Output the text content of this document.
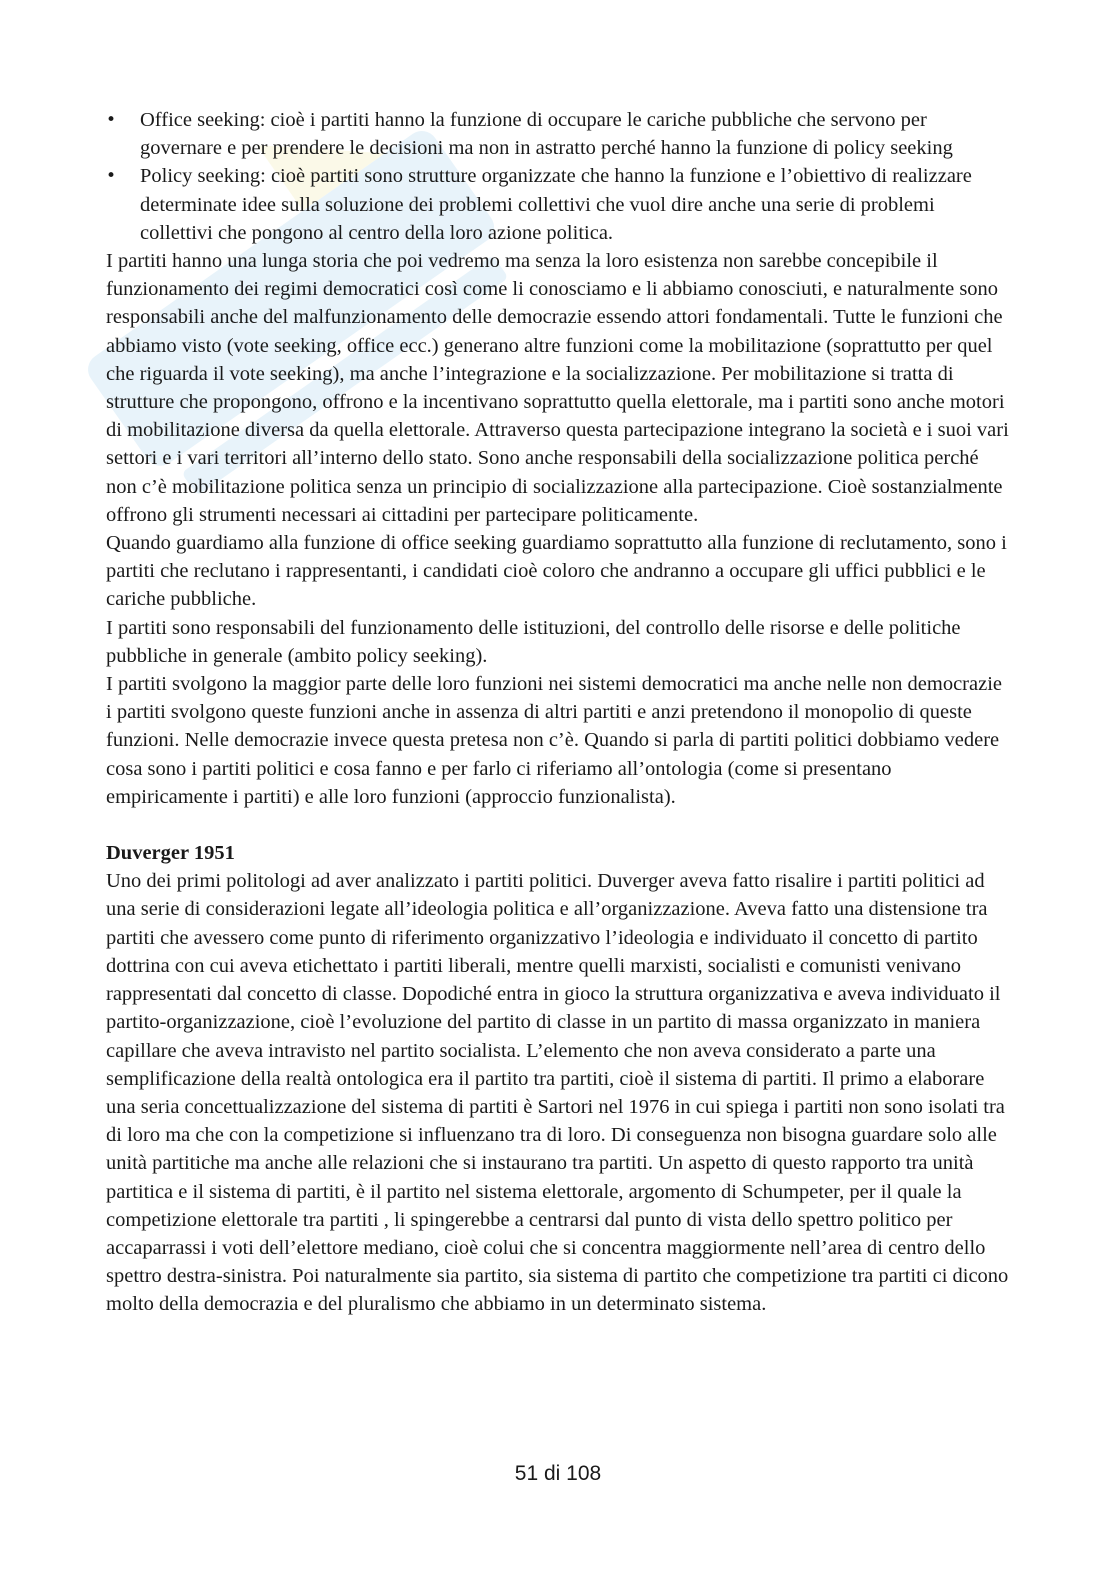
•	Office seeking: cioè i partiti hanno la funzione di occupare le cariche pubbliche che servono per governare e per prendere le decisioni ma non in astratto perché hanno la funzione di policy seeking
•	Policy seeking: cioè partiti sono strutture organizzate che hanno la funzione e l’obiettivo di realizzare determinate idee sulla soluzione dei problemi collettivi che vuol dire anche una serie di problemi collettivi che pongono al centro della loro azione politica.

I partiti hanno una lunga storia che poi vedremo ma senza la loro esistenza non sarebbe concepibile il funzionamento dei regimi democratici così come li conosciamo e li abbiamo conosciuti, e naturalmente sono responsabili anche del malfunzionamento delle democrazie essendo attori fondamentali. Tutte le funzioni che abbiamo visto (vote seeking, office ecc.) generano altre funzioni come la mobilitazione (soprattutto per quel che riguarda il vote seeking), ma anche l’integrazione e la socializzazione. Per mobilitazione si tratta di strutture che propongono, offrono e la incentivano soprattutto quella elettorale, ma i partiti sono anche motori di mobilitazione diversa da quella elettorale. Attraverso questa partecipazione integrano la società e i suoi vari settori e i vari territori all’interno dello stato. Sono anche responsabili della socializzazione politica perché non c’è mobilitazione politica senza un principio di socializzazione alla partecipazione. Cioè sostanzialmente offrono gli strumenti necessari ai cittadini per partecipare politicamente.

Quando guardiamo alla funzione di office seeking guardiamo soprattutto alla funzione di reclutamento, sono i partiti che reclutano i rappresentanti, i candidati cioè coloro che andranno a occupare gli uffici pubblici e le cariche pubbliche.

I partiti sono responsabili del funzionamento delle istituzioni, del controllo delle risorse e delle politiche pubbliche in generale (ambito policy seeking).

I partiti svolgono la maggior parte delle loro funzioni nei sistemi democratici ma anche nelle non democrazie i partiti svolgono queste funzioni anche in assenza di altri partiti e anzi pretendono il monopolio di queste funzioni. Nelle democrazie invece questa pretesa non c’è. Quando si parla di partiti politici dobbiamo vedere cosa sono i partiti politici e cosa fanno e per farlo ci riferiamo all’ontologia (come si presentano empiricamente i partiti) e alle loro funzioni (approccio funzionalista).

Duverger 1951

Uno dei primi politologi ad aver analizzato i partiti politici. Duverger aveva fatto risalire i partiti politici ad una serie di considerazioni legate all’ideologia politica e all’organizzazione. Aveva fatto una distensione tra partiti che avessero come punto di riferimento organizzativo l’ideologia e individuato il concetto di partito dottrina con cui aveva etichettato i partiti liberali, mentre quelli marxisti, socialisti e comunisti venivano rappresentati dal concetto di classe. Dopodiché entra in gioco la struttura organizzativa e aveva individuato il partito-organizzazione, cioè l’evoluzione del partito di classe in un partito di massa organizzato in maniera capillare che aveva intravisto nel partito socialista. L’elemento che non aveva considerato a parte una semplificazione della realtà ontologica era il partito tra partiti, cioè il sistema di partiti. Il primo a elaborare una seria concettualizzazione del sistema di partiti è Sartori nel 1976 in cui spiega i partiti non sono isolati tra di loro ma che con la competizione si influenzano tra di loro. Di conseguenza non bisogna guardare solo alle unità partitiche ma anche alle relazioni che si instaurano tra partiti. Un aspetto di questo rapporto tra unità partitica e il sistema di partiti, è il partito nel sistema elettorale, argomento di Schumpeter, per il quale la competizione elettorale tra partiti , li spingerebbe a centrarsi dal punto di vista dello spettro politico per accaparrassi i voti dell’elettore mediano, cioè colui che si concentra maggiormente nell’area di centro dello spettro destra-sinistra. Poi naturalmente sia partito, sia sistema di partito che competizione tra partiti ci dicono molto della democrazia e del pluralismo che abbiamo in un determinato sistema.

51 di 108
